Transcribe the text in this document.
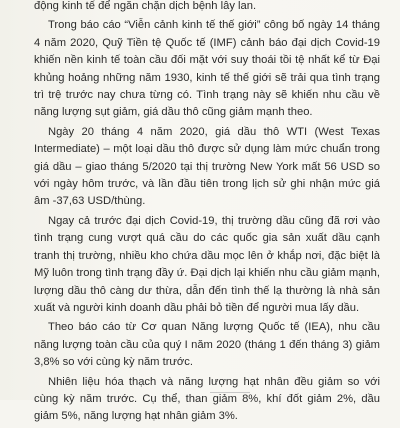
động kinh tế để ngăn chặn dịch bệnh lây lan.

Trong báo cáo “Viễn cảnh kinh tế thế giới” công bố ngày 14 tháng 4 năm 2020, Quỹ Tiền tệ Quốc tế (IMF) cảnh báo đại dịch Covid-19 khiến nền kinh tế toàn cầu đối mặt với suy thoái tồi tệ nhất kể từ Đại khủng hoảng những năm 1930, kinh tế thế giới sẽ trải qua tình trạng trì trệ trước nay chưa từng có. Tình trạng này sẽ khiến nhu cầu về năng lượng sụt giảm, giá dầu thô cũng giảm mạnh theo.

Ngày 20 tháng 4 năm 2020, giá dầu thô WTI (West Texas Intermediate) – một loại dầu thô được sử dụng làm mức chuẩn trong giá dầu – giao tháng 5/2020 tại thị trường New York mất 56 USD so với ngày hôm trước, và lần đầu tiên trong lịch sử ghi nhận mức giá âm -37,63 USD/thùng.

Ngay cả trước đại dịch Covid-19, thị trường dầu cũng đã rơi vào tình trạng cung vượt quá cầu do các quốc gia sản xuất dầu cạnh tranh thị trường, nhiều kho chứa dầu mọc lên ở khắp nơi, đặc biệt là Mỹ luôn trong tình trạng đầy ứ. Đại dịch lại khiến nhu cầu giảm mạnh, lượng dầu thô càng dư thừa, dẫn đến tình thế lạ thường là nhà sản xuất và người kinh doanh dầu phải bỏ tiền để người mua lấy dầu.

Theo báo cáo từ Cơ quan Năng lượng Quốc tế (IEA), nhu cầu năng lượng toàn cầu của quý I năm 2020 (tháng 1 đến tháng 3) giảm 3,8% so với cùng kỳ năm trước.

Nhiên liệu hóa thạch và năng lượng hạt nhân đều giảm so với cùng kỳ năm trước. Cụ thể, than giảm 8%, khí đốt giảm 2%, dầu giảm 5%, năng lượng hạt nhân giảm 3%.
